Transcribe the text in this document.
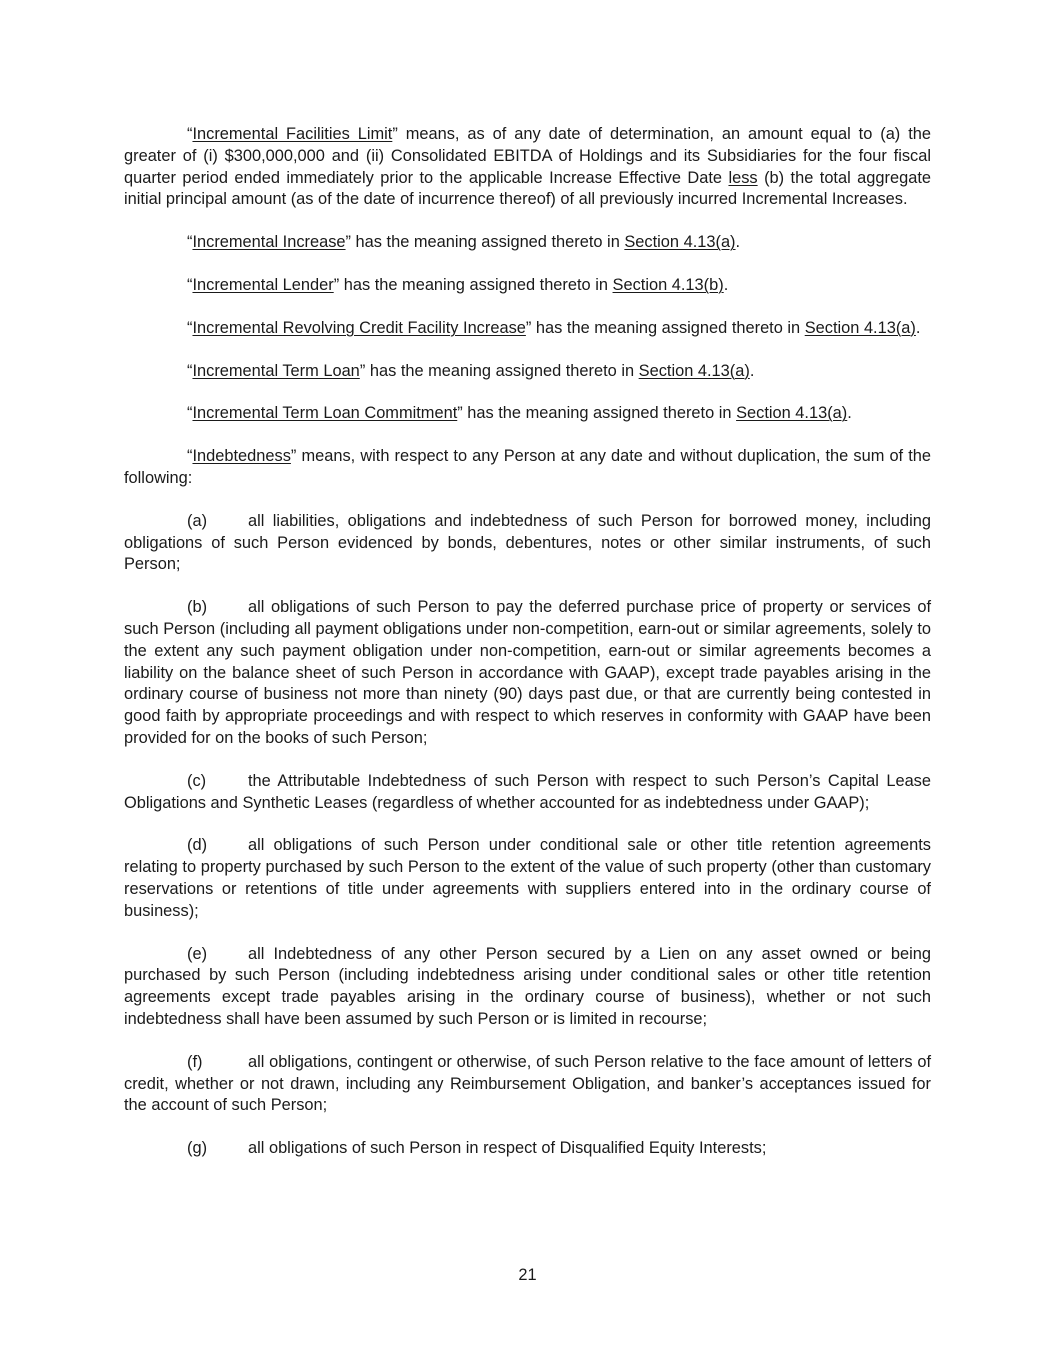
“Incremental Facilities Limit” means, as of any date of determination, an amount equal to (a) the greater of (i) $300,000,000 and (ii) Consolidated EBITDA of Holdings and its Subsidiaries for the four fiscal quarter period ended immediately prior to the applicable Increase Effective Date less (b) the total aggregate initial principal amount (as of the date of incurrence thereof) of all previously incurred Incremental Increases.

“Incremental Increase” has the meaning assigned thereto in Section 4.13(a).

“Incremental Lender” has the meaning assigned thereto in Section 4.13(b).

“Incremental Revolving Credit Facility Increase” has the meaning assigned thereto in Section 4.13(a).

“Incremental Term Loan” has the meaning assigned thereto in Section 4.13(a).

“Incremental Term Loan Commitment” has the meaning assigned thereto in Section 4.13(a).

“Indebtedness” means, with respect to any Person at any date and without duplication, the sum of the following:

(a) all liabilities, obligations and indebtedness of such Person for borrowed money, including obligations of such Person evidenced by bonds, debentures, notes or other similar instruments, of such Person;

(b) all obligations of such Person to pay the deferred purchase price of property or services of such Person (including all payment obligations under non-competition, earn-out or similar agreements, solely to the extent any such payment obligation under non-competition, earn-out or similar agreements becomes a liability on the balance sheet of such Person in accordance with GAAP), except trade payables arising in the ordinary course of business not more than ninety (90) days past due, or that are currently being contested in good faith by appropriate proceedings and with respect to which reserves in conformity with GAAP have been provided for on the books of such Person;

(c)	the Attributable Indebtedness of such Person with respect to such Person’s Capital Lease Obligations and Synthetic Leases (regardless of whether accounted for as indebtedness under GAAP);

(d) all obligations of such Person under conditional sale or other title retention agreements relating to property purchased by such Person to the extent of the value of such property (other than customary reservations or retentions of title under agreements with suppliers entered into in the ordinary course of business);

(e) all Indebtedness of any other Person secured by a Lien on any asset owned or being purchased by such Person (including indebtedness arising under conditional sales or other title retention agreements except trade payables arising in the ordinary course of business), whether or not such indebtedness shall have been assumed by such Person or is limited in recourse;

(f)	all obligations, contingent or otherwise, of such Person relative to the face amount of letters of credit, whether or not drawn, including any Reimbursement Obligation, and banker’s acceptances issued for the account of such Person;

(g) all obligations of such Person in respect of Disqualified Equity Interests;

21
